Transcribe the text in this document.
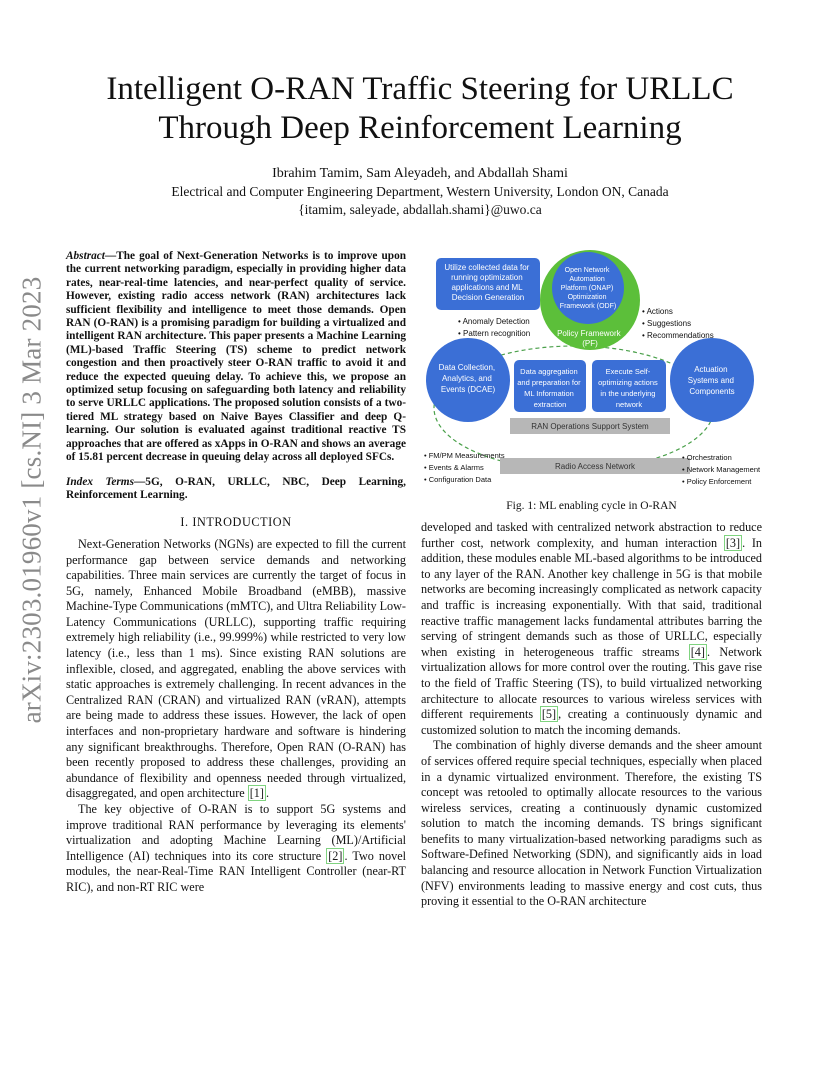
arXiv:2303.01960v1 [cs.NI] 3 Mar 2023
Intelligent O-RAN Traffic Steering for URLLC
Through Deep Reinforcement Learning
Ibrahim Tamim, Sam Aleyadeh, and Abdallah Shami
Electrical and Computer Engineering Department, Western University, London ON, Canada
{itamim, saleyade, abdallah.shami}@uwo.ca

Abstract—The goal of Next-Generation Networks is to improve upon the current networking paradigm, especially in providing higher data rates, near-real-time latencies, and near-perfect quality of service. However, existing radio access network (RAN) architectures lack sufficient flexibility and intelligence to meet those demands. Open RAN (O-RAN) is a promising paradigm for building a virtualized and intelligent RAN architecture. This paper presents a Machine Learning (ML)-based Traffic Steering (TS) scheme to predict network congestion and then proactively steer O-RAN traffic to avoid it and reduce the expected queuing delay. To achieve this, we propose an optimized setup focusing on safeguarding both latency and reliability to serve URLLC applications. The proposed solution consists of a two-tiered ML strategy based on Naive Bayes Classifier and deep Q-learning. Our solution is evaluated against traditional reactive TS approaches that are offered as xApps in O-RAN and shows an average of 15.81 percent decrease in queuing delay across all deployed SFCs.

Index Terms—5G, O-RAN, URLLC, NBC, Deep Learning, Reinforcement Learning.

I. INTRODUCTION

Next-Generation Networks (NGNs) are expected to fill the current performance gap between service demands and networking capabilities. Three main services are currently the target of focus in 5G, namely, Enhanced Mobile Broadband (eMBB), massive Machine-Type Communications (mMTC), and Ultra Reliability Low-Latency Communications (URLLC), supporting traffic requiring extremely high reliability (i.e., 99.999%) while restricted to very low latency (i.e., less than 1 ms). Since existing RAN solutions are inflexible, closed, and aggregated, enabling the above services with static approaches is extremely challenging. In recent advances in the Centralized RAN (CRAN) and virtualized RAN (vRAN), attempts are being made to address these issues. However, the lack of open interfaces and non-proprietary hardware and software is hindering any significant breakthroughs. Therefore, Open RAN (O-RAN) has been recently proposed to address these challenges, providing an abundance of flexibility and openness needed through virtualized, disaggregated, and open architecture [1] .

The key objective of O-RAN is to support 5G systems and improve traditional RAN performance by leveraging its elements' virtualization and adopting Machine Learning (ML)/Artificial Intelligence (AI) techniques into its core structure [2] . Two novel modules, the near-Real-Time RAN Intelligent Controller (near-RT RIC), and non-RT RIC were

Utilize collected data for running optimization applications and ML Decision Generation
Policy Framework (PF)
Open Network Automation Platform (ONAP) Optimization Framework (ODF)
• Anomaly Detection • Pattern recognition
• Actions • Suggestions • Recommendations
Data Collection, Analytics, and Events (DCAE)
Data aggregation and preparation for ML Information extraction
Execute Self- optimizing actions in the underlying network
Actuation Systems and Components
RAN Operations Support System
Radio Access Network
• FM/PM Measurements • Events & Alarms • Configuration Data
• Orchestration • Network Management • Policy Enforcement
Fig. 1: ML enabling cycle in O-RAN

developed and tasked with centralized network abstraction to reduce further cost, network complexity, and human interaction [3] . In addition, these modules enable ML-based algorithms to be introduced to any layer of the RAN. Another key challenge in 5G is that mobile networks are becoming increasingly complicated as network capacity and traffic is increasing exponentially. With that said, traditional reactive traffic management lacks fundamental attributes barring the serving of stringent demands such as those of URLLC, especially when existing in heterogeneous traffic streams [4] . Network virtualization allows for more control over the routing. This gave rise to the field of Traffic Steering (TS), to build virtualized networking architecture to allocate resources to various wireless services with different requirements [5] , creating a continuously dynamic and customized solution to match the incoming demands.

The combination of highly diverse demands and the sheer amount of services offered require special techniques, especially when placed in a dynamic virtualized environment. Therefore, the existing TS concept was retooled to optimally allocate resources to the various wireless services, creating a continuously dynamic customized solution to match the incoming demands. TS brings significant benefits to many virtualization-based networking paradigms such as Software-Defined Networking (SDN), and significantly aids in load balancing and resource allocation in Network Function Virtualization (NFV) environments leading to massive energy and cost cuts, thus proving it essential to the O-RAN architecture
